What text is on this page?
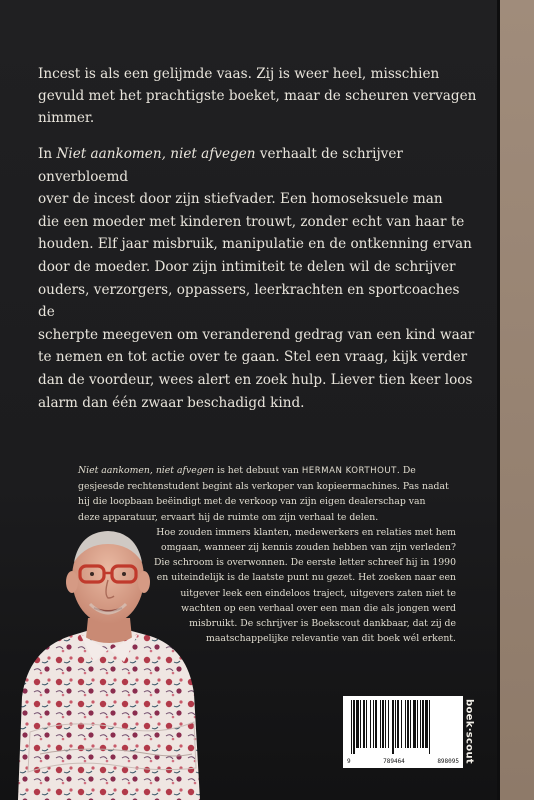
Incest is als een gelijmde vaas. Zij is weer heel, misschien

gevuld met het prachtigste boeket, maar de scheuren vervagen

nimmer.

In Niet aankomen, niet afvegen verhaalt de schrijver onverbloemd

over de incest door zijn stiefvader. Een homoseksuele man

die een moeder met kinderen trouwt, zonder echt van haar te

houden. Elf jaar misbruik, manipulatie en de ontkenning ervan

door de moeder. Door zijn intimiteit te delen wil de schrijver

ouders, verzorgers, oppassers, leerkrachten en sportcoaches de

scherpte meegeven om veranderend gedrag van een kind waar

te nemen en tot actie over te gaan. Stel een vraag, kijk verder

dan de voordeur, wees alert en zoek hulp. Liever tien keer loos

alarm dan één zwaar beschadigd kind.

Niet aankomen, niet afvegen is het debuut van HERMAN KORTHOUT. De
gesjeesde rechtenstudent begint als verkoper van kopieermachines. Pas nadat
hij die loopbaan beëindigt met de verkoop van zijn eigen dealerschap van
deze apparatuur, ervaart hij de ruimte om zijn verhaal te delen.
Hoe zouden immers klanten, medewerkers en relaties met hem
omgaan, wanneer zij kennis zouden hebben van zijn verleden?
Die schroom is overwonnen. De eerste letter schreef hij in 1990
en uiteindelijk is de laatste punt nu gezet. Het zoeken naar een
uitgever leek een eindeloos traject, uitgevers zaten niet te
wachten op een verhaal over een man die als jongen werd
misbruikt. De schrijver is Boekscout dankbaar, dat zij de
maatschappelijke relevantie van dit boek wél erkent.
9	789464	898095 boek·scout
